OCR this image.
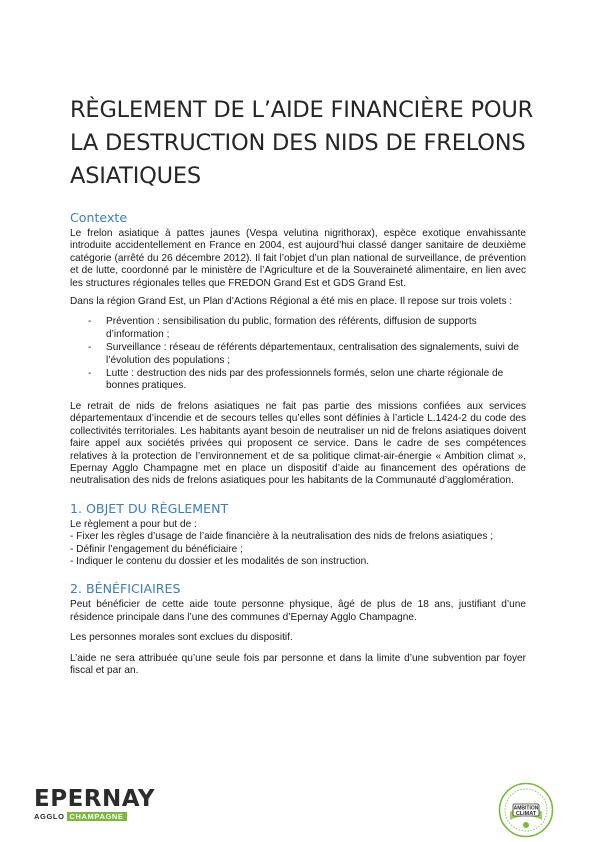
RÈGLEMENT DE L’AIDE FINANCIÈRE POUR LA DESTRUCTION DES NIDS DE FRELONS ASIATIQUES
Contexte

Le frelon asiatique à pattes jaunes (Vespa velutina nigrithorax), espèce exotique envahissante introduite accidentellement en France en 2004, est aujourd’hui classé danger sanitaire de deuxième catégorie (arrêté du 26 décembre 2012). Il fait l’objet d’un plan national de surveillance, de prévention et de lutte, coordonné par le ministère de l’Agriculture et de la Souveraineté alimentaire, en lien avec les structures régionales telles que FREDON Grand Est et GDS Grand Est.

Dans la région Grand Est, un Plan d’Actions Régional a été mis en place. Il repose sur trois volets :

- Prévention : sensibilisation du public, formation des référents, diffusion de supports d’information ;
- Surveillance : réseau de référents départementaux, centralisation des signalements, suivi de l’évolution des populations ;
- Lutte : destruction des nids par des professionnels formés, selon une charte régionale de bonnes pratiques.

Le retrait de nids de frelons asiatiques ne fait pas partie des missions confiées aux services départementaux d’incendie et de secours telles qu’elles sont définies à l’article L.1424-2 du code des collectivités territoriales. Les habitants ayant besoin de neutraliser un nid de frelons asiatiques doivent faire appel aux sociétés privées qui proposent ce service. Dans le cadre de ses compétences relatives à la protection de l’environnement et de sa politique climat-air-énergie « Ambition climat », Epernay Agglo Champagne met en place un dispositif d’aide au financement des opérations de neutralisation des nids de frelons asiatiques pour les habitants de la Communauté d’agglomération.

1. OBJET DU RÈGLEMENT

Le règlement a pour but de :

- Fixer les règles d’usage de l’aide financière à la neutralisation des nids de frelons asiatiques ;

- Définir l’engagement du bénéficiaire ;

- Indiquer le contenu du dossier et les modalités de son instruction.

2. BÉNÉFICIAIRES

Peut bénéficier de cette aide toute personne physique, âgé de plus de 18 ans, justifiant d’une résidence principale dans l’une des communes d’Epernay Agglo Champagne.

Les personnes morales sont exclues du dispositif.

L’aide ne sera attribuée qu’une seule fois par personne et dans la limite d’une subvention par foyer fiscal et par an.

EPERNAY
AGGLO CHAMPAGNE
AMBITION
CLIMAT
